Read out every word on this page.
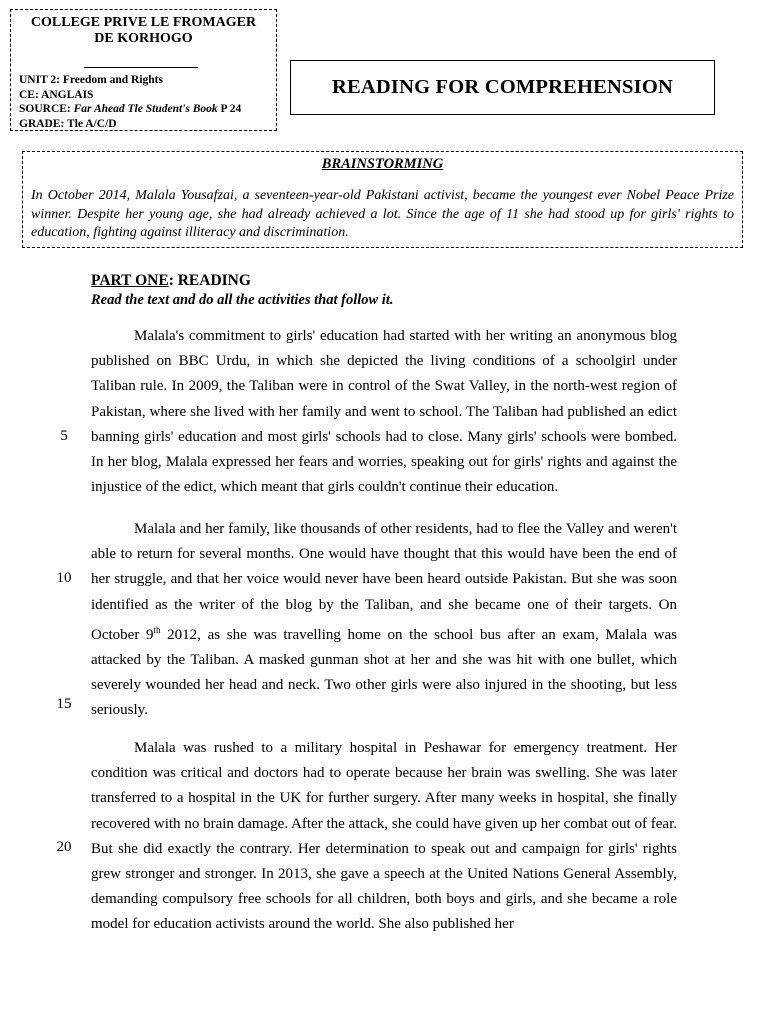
COLLEGE PRIVE LE FROMAGER
DE KORHOGO
UNIT 2: Freedom and Rights
CE: ANGLAIS
SOURCE: Far Ahead Tle Student's Book P 24
GRADE: Tle A/C/D
READING FOR COMPREHENSION
BRAINSTORMING
In October 2014, Malala Yousafzai, a seventeen-year-old Pakistani activist, became the youngest ever Nobel Peace Prize winner. Despite her young age, she had already achieved a lot. Since the age of 11 she had stood up for girls' rights to education, fighting against illiteracy and discrimination.
PART ONE: READING
Read the text and do all the activities that follow it.

Malala's commitment to girls' education had started with her writing an anonymous blog published on BBC Urdu, in which she depicted the living conditions of a schoolgirl under Taliban rule. In 2009, the Taliban were in control of the Swat Valley, in the north-west region of Pakistan, where she lived with her family and went to school. The Taliban had published an edict banning girls' education and most girls' schools had to close. Many girls' schools were bombed. In her blog, Malala expressed her fears and worries, speaking out for girls' rights and against the injustice of the edict, which meant that girls couldn't continue their education.

Malala and her family, like thousands of other residents, had to flee the Valley and weren't able to return for several months. One would have thought that this would have been the end of her struggle, and that her voice would never have been heard outside Pakistan. But she was soon identified as the writer of the blog by the Taliban, and she became one of their targets. On October 9th 2012, as she was travelling home on the school bus after an exam, Malala was attacked by the Taliban. A masked gunman shot at her and she was hit with one bullet, which severely wounded her head and neck. Two other girls were also injured in the shooting, but less seriously.

Malala was rushed to a military hospital in Peshawar for emergency treatment. Her condition was critical and doctors had to operate because her brain was swelling. She was later transferred to a hospital in the UK for further surgery. After many weeks in hospital, she finally recovered with no brain damage. After the attack, she could have given up her combat out of fear. But she did exactly the contrary. Her determination to speak out and campaign for girls' rights grew stronger and stronger. In 2013, she gave a speech at the United Nations General Assembly, demanding compulsory free schools for all children, both boys and girls, and she became a role model for education activists around the world. She also published her

5
10
15
20
